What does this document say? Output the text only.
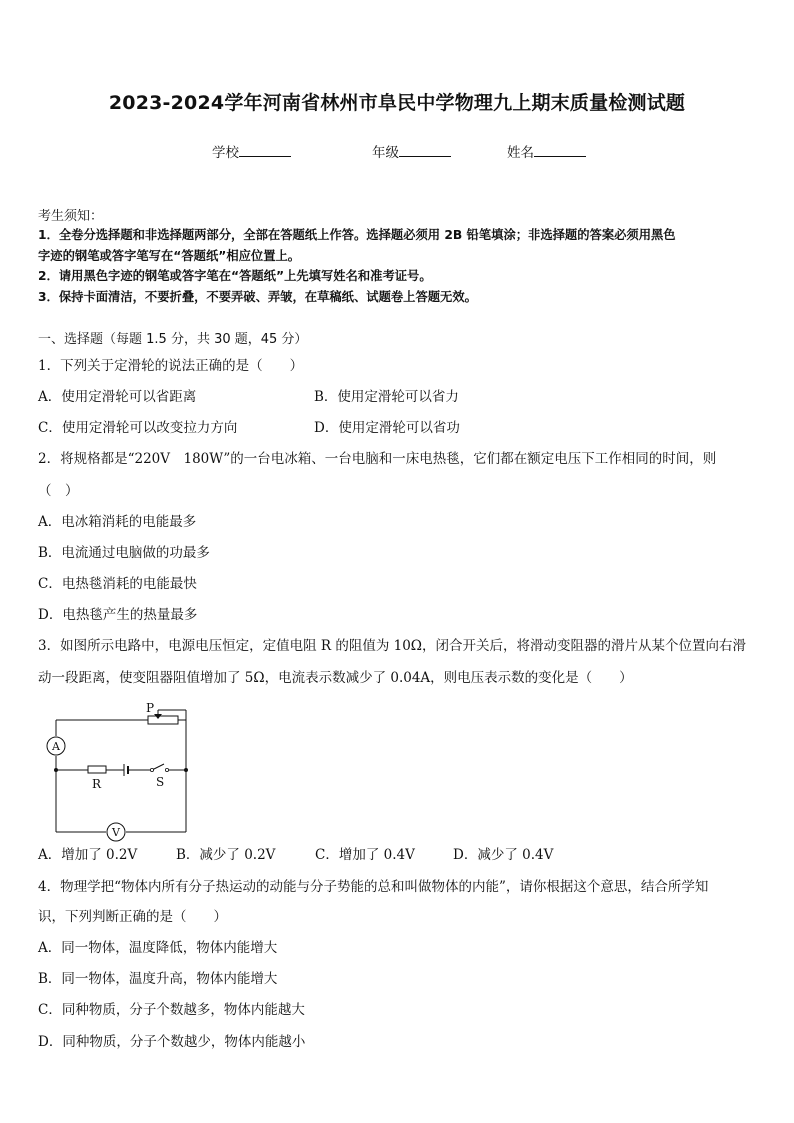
2023-2024学年河南省林州市阜民中学物理九上期末质量检测试题
学校	年级	姓名
考生须知：
1．全卷分选择题和非选择题两部分，全部在答题纸上作答。选择题必须用 2B 铅笔填涂；非选择题的答案必须用黑色
字迹的钢笔或答字笔写在“答题纸”相应位置上。
2．请用黑色字迹的钢笔或答字笔在“答题纸”上先填写姓名和准考证号。
3．保持卡面清洁，不要折叠，不要弄破、弄皱，在草稿纸、试题卷上答题无效。
一、选择题（每题 1.5 分，共 30 题，45 分）
1．下列关于定滑轮的说法正确的是（　　）
A．使用定滑轮可以省距离	B．使用定滑轮可以省力
C．使用定滑轮可以改变拉力方向	D．使用定滑轮可以省功
2．将规格都是“220V　180W”的一台电冰箱、一台电脑和一床电热毯，它们都在额定电压下工作相同的时间，则
（　）
A．电冰箱消耗的电能最多
B．电流通过电脑做的功最多
C．电热毯消耗的电能最快
D．电热毯产生的热量最多
3．如图所示电路中，电源电压恒定，定值电阻 R 的阻值为 10Ω，闭合开关后，将滑动变阻器的滑片从某个位置向右滑
动一段距离，使变阻器阻值增加了 5Ω，电流表示数减少了 0.04A，则电压表示数的变化是（　　）
P
A
R	S
V
A．增加了 0.2V	B．减少了 0.2V	C．增加了 0.4V	D．减少了 0.4V
4．物理学把“物体内所有分子热运动的动能与分子势能的总和叫做物体的内能”，请你根据这个意思，结合所学知
识，下列判断正确的是（　　）
A．同一物体，温度降低，物体内能增大
B．同一物体，温度升高，物体内能增大
C．同种物质，分子个数越多，物体内能越大
D．同种物质，分子个数越少，物体内能越小
